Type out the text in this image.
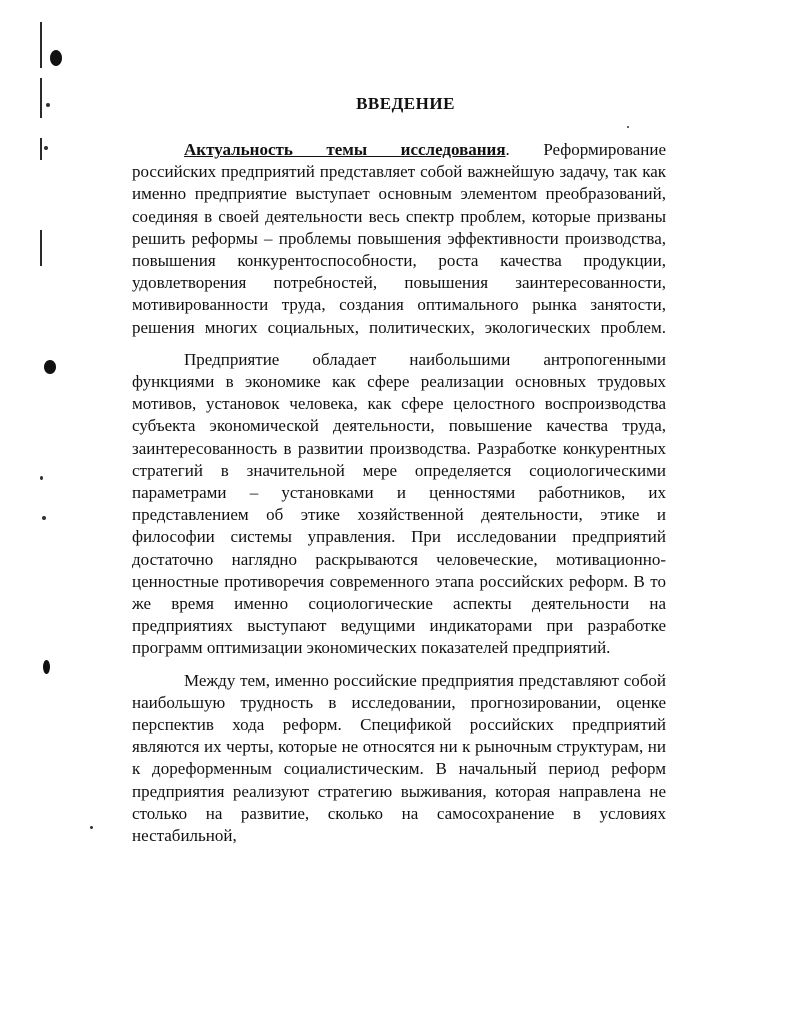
ВВЕДЕНИЕ

Актуальность темы исследования. Реформирование российских предприятий представляет собой важнейшую задачу, так как именно предприятие выступает основным элементом преобразований, соединяя в своей деятельности весь спектр проблем, которые призваны решить реформы – проблемы повышения эффективности производства, повышения конкурентоспособности, роста качества продукции, удовлетворения потребностей, повышения заинтересованности, мотивированности труда, создания оптимального рынка занятости, решения многих социальных, политических, экологических проблем.

Предприятие обладает наибольшими антропогенными функциями в экономике как сфере реализации основных трудовых мотивов, установок человека, как сфере целостного воспроизводства субъекта экономической деятельности, повышение качества труда, заинтересованность в развитии производства. Разработке конкурентных стратегий в значительной мере определяется социологическими параметрами – установками и ценностями работников, их представлением об этике хозяйственной деятельности, этике и философии системы управления. При исследовании предприятий достаточно наглядно раскрываются человеческие, мотивационно-ценностные противоречия современного этапа российских реформ. В то же время именно социологические аспекты деятельности на предприятиях выступают ведущими индикаторами при разработке программ оптимизации экономических показателей предприятий.

Между тем, именно российские предприятия представляют собой наибольшую трудность в исследовании, прогнозировании, оценке перспектив хода реформ. Спецификой российских предприятий являются их черты, которые не относятся ни к рыночным структурам, ни к дореформенным социалистическим. В начальный период реформ предприятия реализуют стратегию выживания, которая направлена не столько на развитие, сколько на самосохранение в условиях нестабильной,
